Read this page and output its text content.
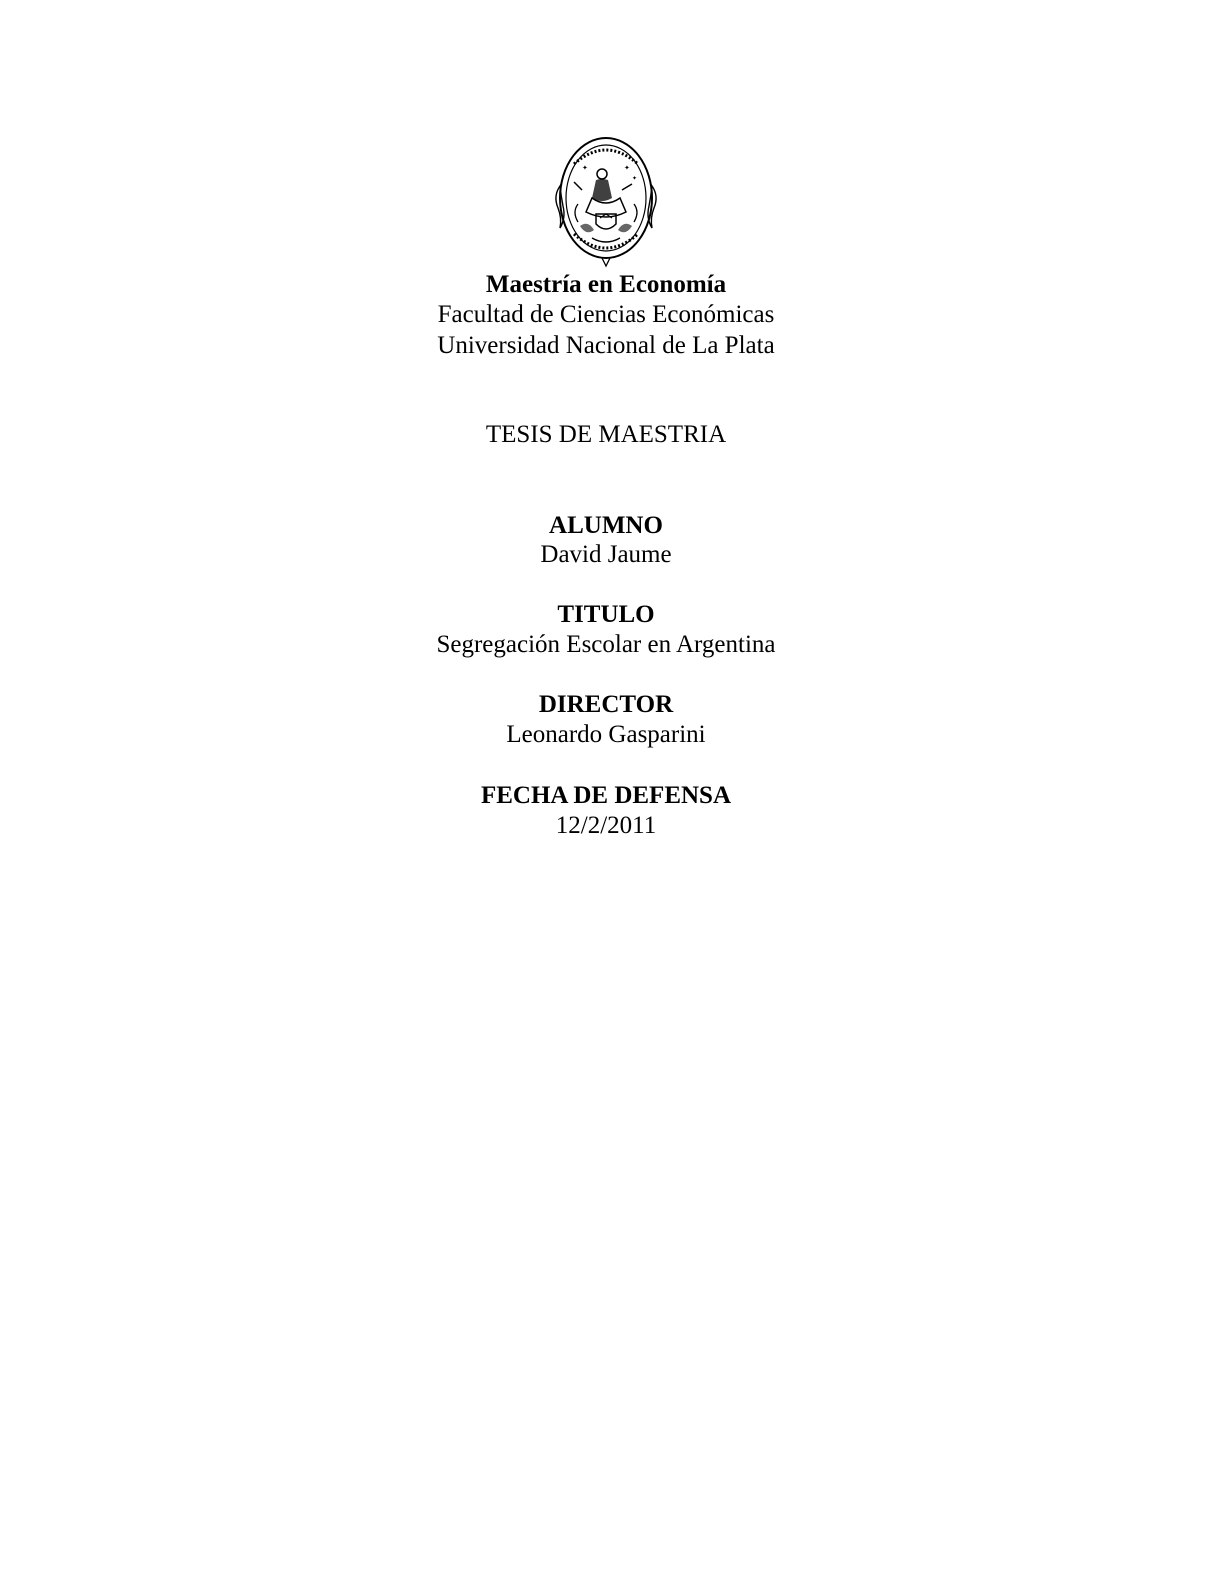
✦	✦
✦
Maestría en Economía
Facultad de Ciencias Económicas
Universidad Nacional de La Plata
TESIS DE MAESTRIA
ALUMNO
David Jaume
TITULO
Segregación Escolar en Argentina
DIRECTOR
Leonardo Gasparini
FECHA DE DEFENSA
12/2/2011
